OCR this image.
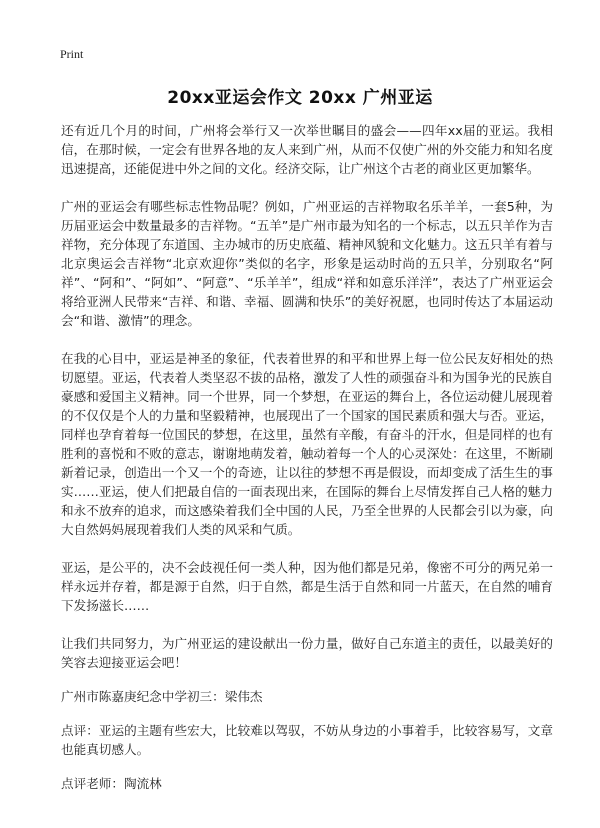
Print
20xx亚运会作文 20xx 广州亚运

还有近几个月的时间，广州将会举行又一次举世瞩目的盛会——四年xx届的亚运。我相信，在那时候，一定会有世界各地的友人来到广州，从而不仅使广州的外交能力和知名度迅速提高，还能促进中外之间的文化。经济交际，让广州这个古老的商业区更加繁华。

广州的亚运会有哪些标志性物品呢？例如，广州亚运的吉祥物取名乐羊羊，一套5种，为历届亚运会中数量最多的吉祥物。“五羊”是广州市最为知名的一个标志，以五只羊作为吉祥物，充分体现了东道国、主办城市的历史底蕴、精神风貌和文化魅力。这五只羊有着与北京奥运会吉祥物“北京欢迎你”类似的名字，形象是运动时尚的五只羊，分别取名“阿祥”、“阿和”、“阿如”、“阿意”、“乐羊羊”，组成“祥和如意乐洋洋”，表达了广州亚运会将给亚洲人民带来“吉祥、和谐、幸福、圆满和快乐”的美好祝愿，也同时传达了本届运动会“和谐、激情”的理念。

在我的心目中，亚运是神圣的象征，代表着世界的和平和世界上每一位公民友好相处的热切愿望。亚运，代表着人类坚忍不拔的品格，激发了人性的顽强奋斗和为国争光的民族自豪感和爱国主义精神。同一个世界，同一个梦想，在亚运的舞台上，各位运动健儿展现着的不仅仅是个人的力量和坚毅精神，也展现出了一个国家的国民素质和强大与否。亚运，同样也孕育着每一位国民的梦想，在这里，虽然有辛酸，有奋斗的汗水，但是同样的也有胜利的喜悦和不败的意志，谢谢地萌发着，触动着每一个人的心灵深处：在这里，不断刷新着记录，创造出一个又一个的奇迹，让以往的梦想不再是假设，而却变成了活生生的事实……亚运，使人们把最自信的一面表现出来，在国际的舞台上尽情发挥自己人格的魅力和永不放弃的追求，而这感染着我们全中国的人民，乃至全世界的人民都会引以为豪，向大自然妈妈展现着我们人类的风采和气质。

亚运，是公平的，决不会歧视任何一类人种，因为他们都是兄弟，像密不可分的两兄弟一样永远并存着，都是源于自然，归于自然，都是生活于自然和同一片蓝天，在自然的哺育下发扬滋长……

让我们共同努力，为广州亚运的建设献出一份力量，做好自己东道主的责任，以最美好的笑容去迎接亚运会吧！

广州市陈嘉庚纪念中学初三：梁伟杰

点评：亚运的主题有些宏大，比较难以驾驭，不妨从身边的小事着手，比较容易写，文章也能真切感人。

点评老师：陶流林
